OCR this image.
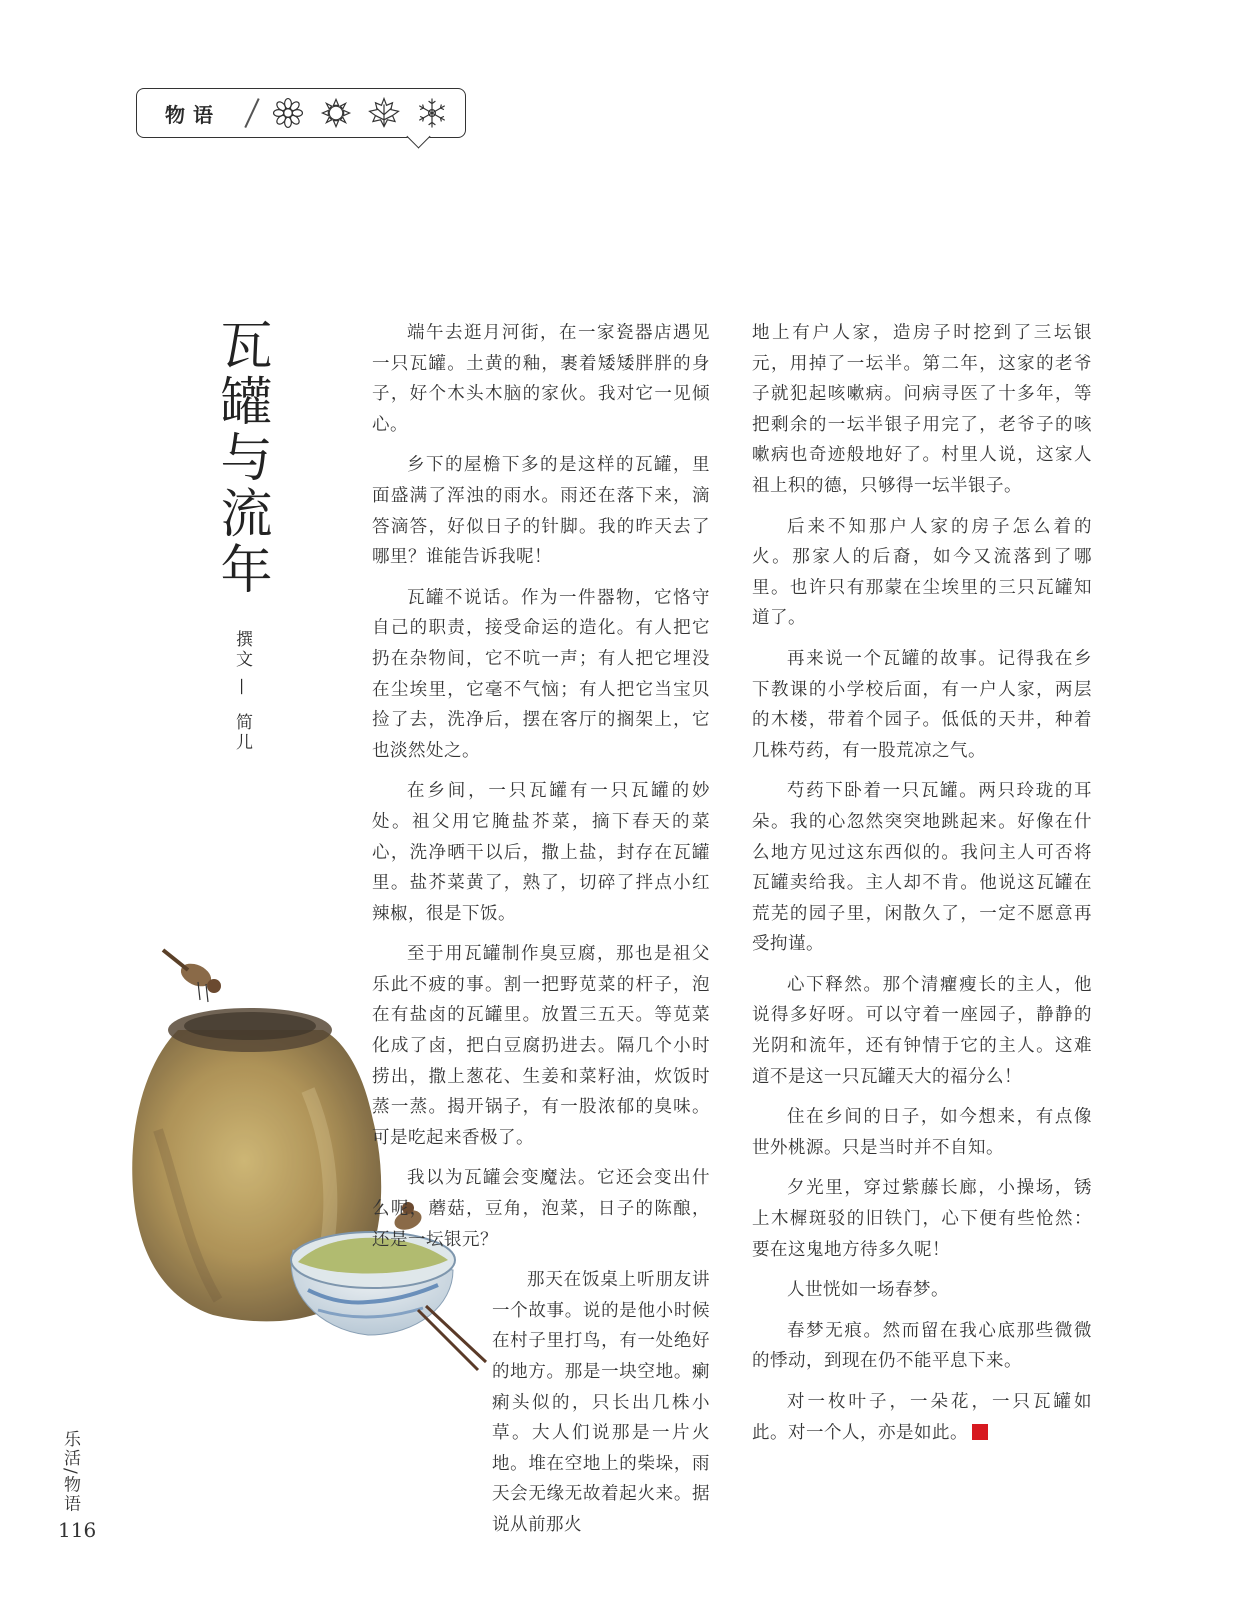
物语
瓦罐与流年
撰文 — 简儿

端午去逛月河街，在一家瓷器店遇见一只瓦罐。土黄的釉，裹着矮矮胖胖的身子，好个木头木脑的家伙。我对它一见倾心。

乡下的屋檐下多的是这样的瓦罐，里面盛满了浑浊的雨水。雨还在落下来，滴答滴答，好似日子的针脚。我的昨天去了哪里？谁能告诉我呢！

瓦罐不说话。作为一件器物，它恪守自己的职责，接受命运的造化。有人把它扔在杂物间，它不吭一声；有人把它埋没在尘埃里，它毫不气恼；有人把它当宝贝捡了去，洗净后，摆在客厅的搁架上，它也淡然处之。

在乡间，一只瓦罐有一只瓦罐的妙处。祖父用它腌盐芥菜，摘下春天的菜心，洗净晒干以后，撒上盐，封存在瓦罐里。盐芥菜黄了，熟了，切碎了拌点小红辣椒，很是下饭。

至于用瓦罐制作臭豆腐，那也是祖父乐此不疲的事。割一把野苋菜的杆子，泡在有盐卤的瓦罐里。放置三五天。等苋菜化成了卤，把白豆腐扔进去。隔几个小时捞出，撒上葱花、生姜和菜籽油，炊饭时蒸一蒸。揭开锅子，有一股浓郁的臭味。可是吃起来香极了。

我以为瓦罐会变魔法。它还会变出什么呢，蘑菇，豆角，泡菜，日子的陈酿，还是一坛银元？

那天在饭桌上听朋友讲一个故事。说的是他小时候在村子里打鸟，有一处绝好的地方。那是一块空地。瘌痢头似的，只长出几株小草。大人们说那是一片火地。堆在空地上的柴垛，雨天会无缘无故着起火来。据说从前那火

地上有户人家，造房子时挖到了三坛银元，用掉了一坛半。第二年，这家的老爷子就犯起咳嗽病。问病寻医了十多年，等把剩余的一坛半银子用完了，老爷子的咳嗽病也奇迹般地好了。村里人说，这家人祖上积的德，只够得一坛半银子。

后来不知那户人家的房子怎么着的火。那家人的后裔，如今又流落到了哪里。也许只有那蒙在尘埃里的三只瓦罐知道了。

再来说一个瓦罐的故事。记得我在乡下教课的小学校后面，有一户人家，两层的木楼，带着个园子。低低的天井，种着几株芍药，有一股荒凉之气。

芍药下卧着一只瓦罐。两只玲珑的耳朵。我的心忽然突突地跳起来。好像在什么地方见过这东西似的。我问主人可否将瓦罐卖给我。主人却不肯。他说这瓦罐在荒芜的园子里，闲散久了，一定不愿意再受拘谨。

心下释然。那个清癯瘦长的主人，他说得多好呀。可以守着一座园子，静静的光阴和流年，还有钟情于它的主人。这难道不是这一只瓦罐天大的福分么！

住在乡间的日子，如今想来，有点像世外桃源。只是当时并不自知。

夕光里，穿过紫藤长廊，小操场，锈上木樨斑驳的旧铁门，心下便有些怆然：要在这鬼地方待多久呢！

人世恍如一场春梦。

春梦无痕。然而留在我心底那些微微的悸动，到现在仍不能平息下来。

对一枚叶子，一朵花，一只瓦罐如此。对一个人，亦是如此。

乐活/物语
116
